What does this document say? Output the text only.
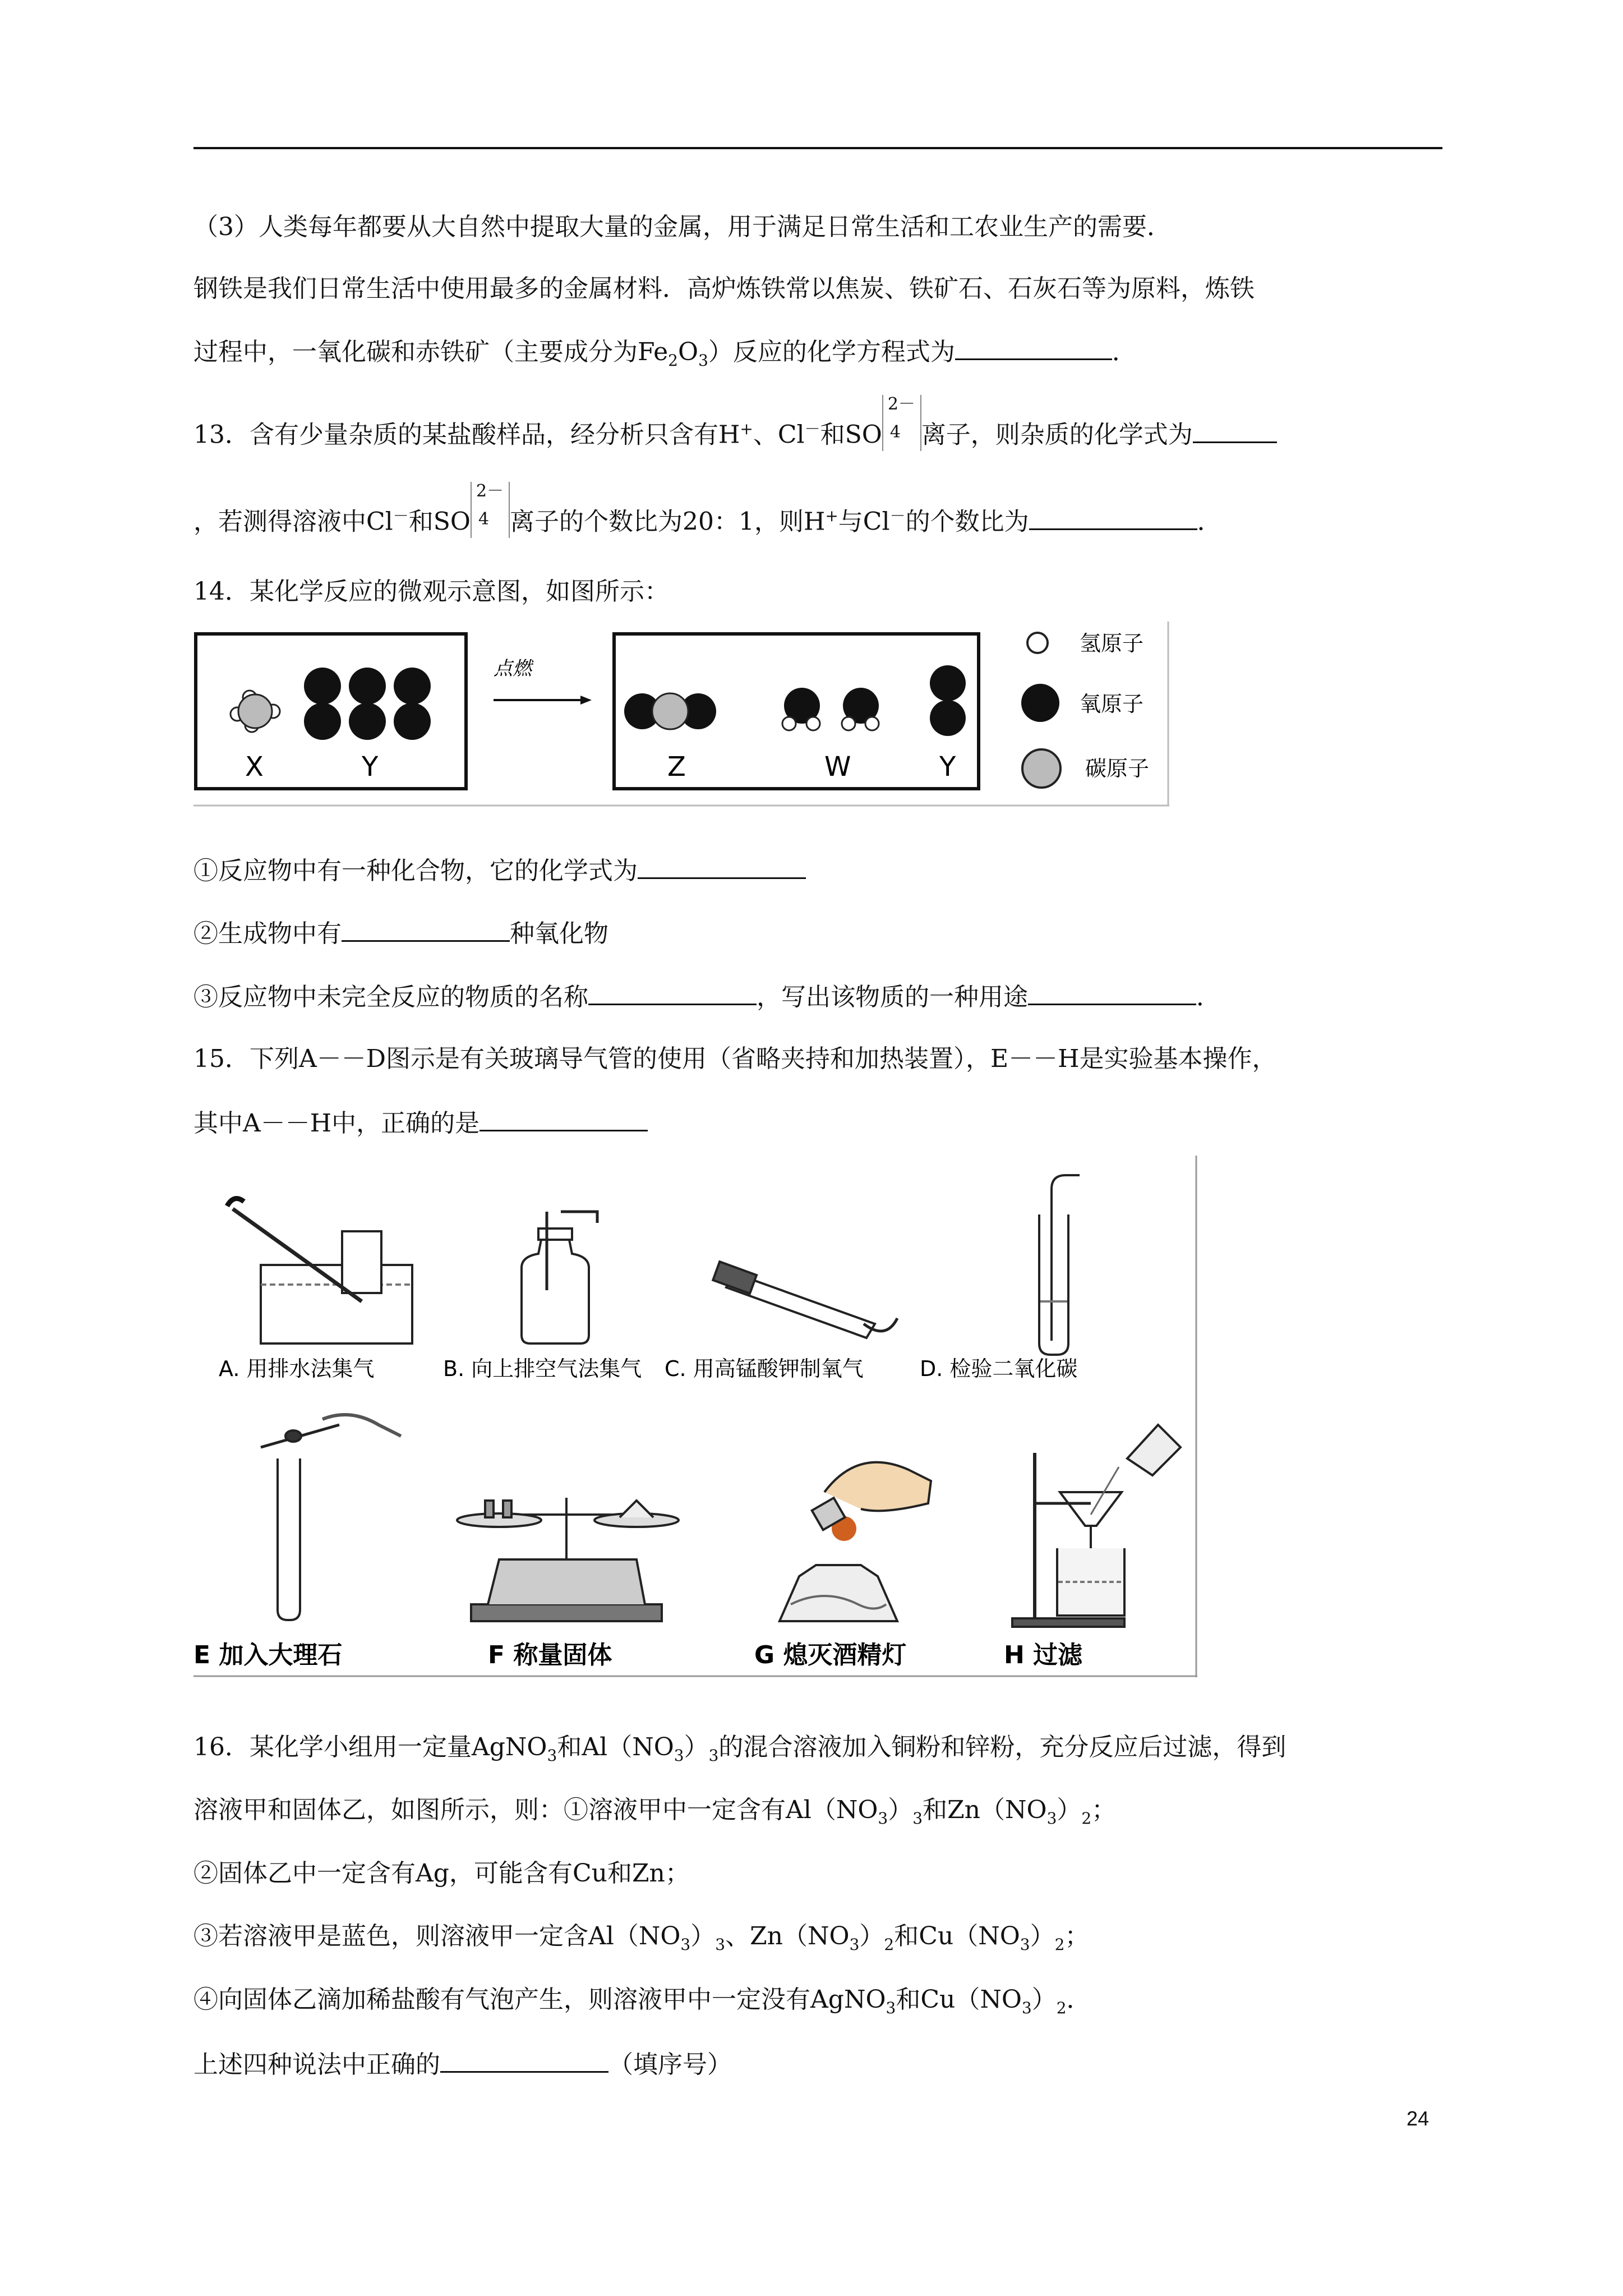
（3）人类每年都要从大自然中提取大量的金属，用于满足日常生活和工农业生产的需要．
钢铁是我们日常生活中使用最多的金属材料．高炉炼铁常以焦炭、铁矿石、石灰石等为原料，炼铁
过程中，一氧化碳和赤铁矿（主要成分为$Fe_2O_3$）反应的化学方程式为	．
13．含有少量杂质的某盐酸样品，经分析只含有H+、Cl－和SO
2－
4 离子，则杂质的化学式为
，若测得溶液中Cl－和SO
2－
4 离子的个数比为20：1，则H+与Cl－的个数比为	．
14．某化学反应的微观示意图，如图所示：
X	Y
点燃
Z	W	Y
氢原子
氧原子
碳原子
①反应物中有一种化合物，它的化学式为
②生成物中有	种氧化物
③反应物中未完全反应的物质的名称	，写出该物质的一种用途	．
15．下列A－－D图示是有关玻璃导气管的使用（省略夹持和加热装置），E－－H是实验基本操作，
其中A－－H中，正确的是
A. 用排水法集气	B. 向上排空气法集气 C. 用高锰酸钾制氧气	D. 检验二氧化碳
E 加入大理石	F 称量固体	G 熄灭酒精灯	H 过滤
16．某化学小组用一定量AgNO$_3$和$Al(NO_3)_3$的混合溶液加入铜粉和锌粉，充分反应后过滤，得到
溶液甲和固体乙，如图所示，则：①溶液甲中一定含有$Al(NO_3)_3$和$Zn(NO_3)_2$；
②固体乙中一定含有Ag，可能含有Cu和Zn；
③若溶液甲是蓝色，则溶液甲一定含$Al(NO_3)_3$、$Zn(NO_3)_2$和$Cu(NO_3)_2$；
④向固体乙滴加稀盐酸有气泡产生，则溶液甲中一定没有AgNO$_3$和$Cu(NO_3)_2$．
上述四种说法中正确的	（填序号）
24
